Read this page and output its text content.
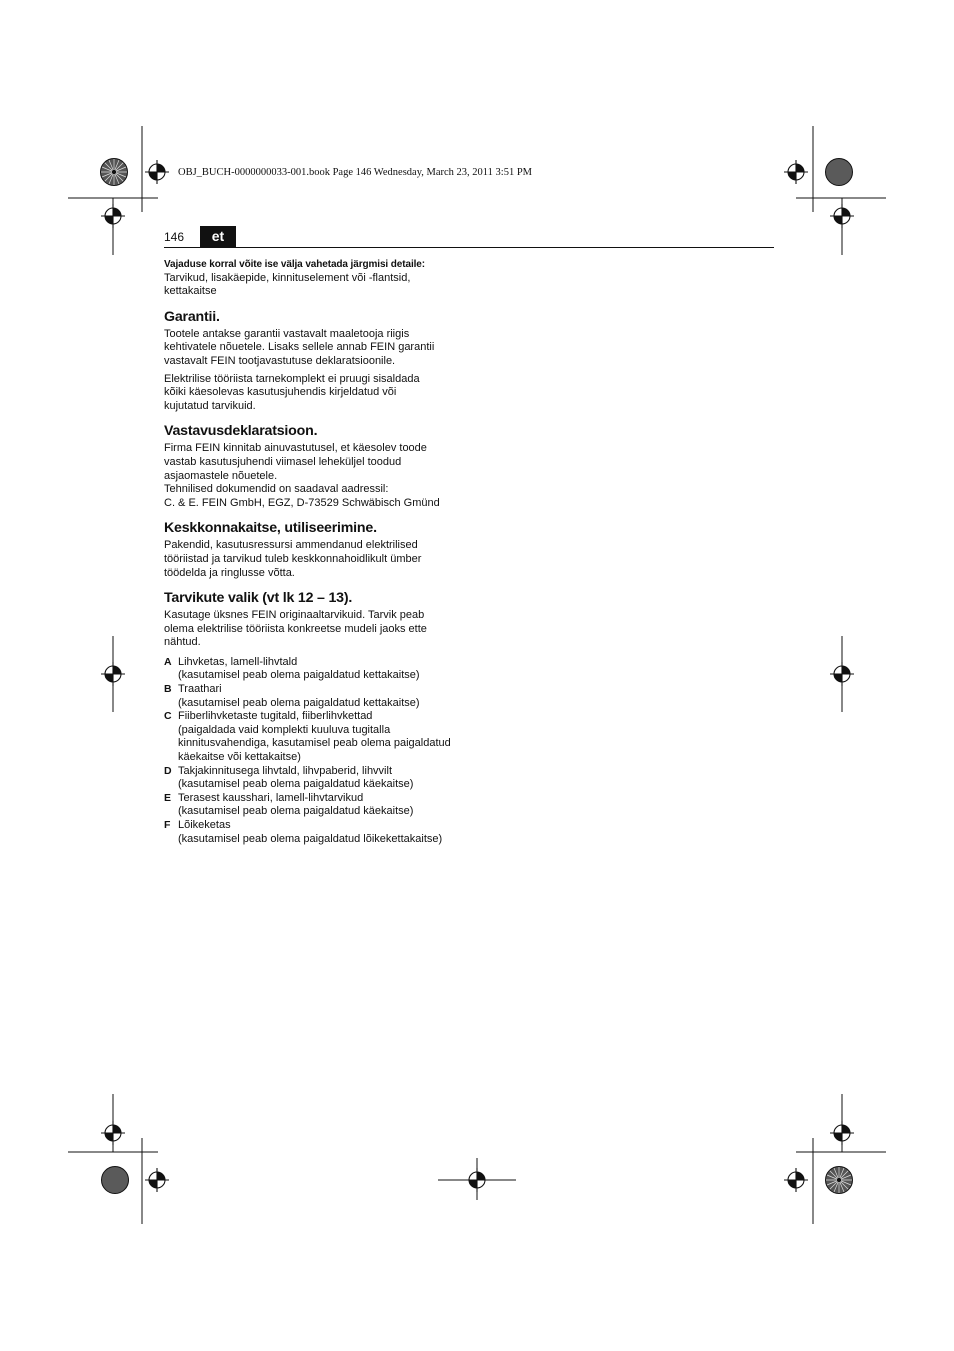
OBJ_BUCH-0000000033-001.book Page 146 Wednesday, March 23, 2011 3:51 PM
146	et
Vajaduse korral võite ise välja vahetada järgmisi detaile:
Tarvikud, lisakäepide, kinnituselement või -flantsid,
kettakaitse
Garantii.

Tootele antakse garantii vastavalt maaletooja riigis
kehtivatele nõuetele. Lisaks sellele annab FEIN garantii
vastavalt FEIN tootjavastutuse deklaratsioonile.

Elektrilise tööriista tarnekomplekt ei pruugi sisaldada
kõiki käesolevas kasutusjuhendis kirjeldatud või
kujutatud tarvikuid.

Vastavusdeklaratsioon.

Firma FEIN kinnitab ainuvastutusel, et käesolev toode
vastab kasutusjuhendi viimasel leheküljel toodud
asjaomastele nõuetele.
Tehnilised dokumendid on saadaval aadressil:
C. & E. FEIN GmbH, EGZ, D-73529 Schwäbisch Gmünd

Keskkonnakaitse, utiliseerimine.

Pakendid, kasutusressursi ammendanud elektrilised
tööriistad ja tarvikud tuleb keskkonnahoidlikult ümber
töödelda ja ringlusse võtta.

Tarvikute valik (vt lk 12 – 13).

Kasutage üksnes FEIN originaaltarvikuid. Tarvik peab
olema elektrilise tööriista konkreetse mudeli jaoks ette
nähtud.

A Lihvketas, lamell-lihvtald
(kasutamisel peab olema paigaldatud kettakaitse)
B Traathari
(kasutamisel peab olema paigaldatud kettakaitse)
C Fiiberlihvketaste tugitald, fiiberlihvkettad
(paigaldada vaid komplekti kuuluva tugitalla
kinnitusvahendiga, kasutamisel peab olema paigaldatud
käekaitse või kettakaitse)
D Takjakinnitusega lihvtald, lihvpaberid, lihvvilt
(kasutamisel peab olema paigaldatud käekaitse)
E Terasest kausshari, lamell-lihvtarvikud
(kasutamisel peab olema paigaldatud käekaitse)
F Lõikeketas
(kasutamisel peab olema paigaldatud lõikekettakaitse)
